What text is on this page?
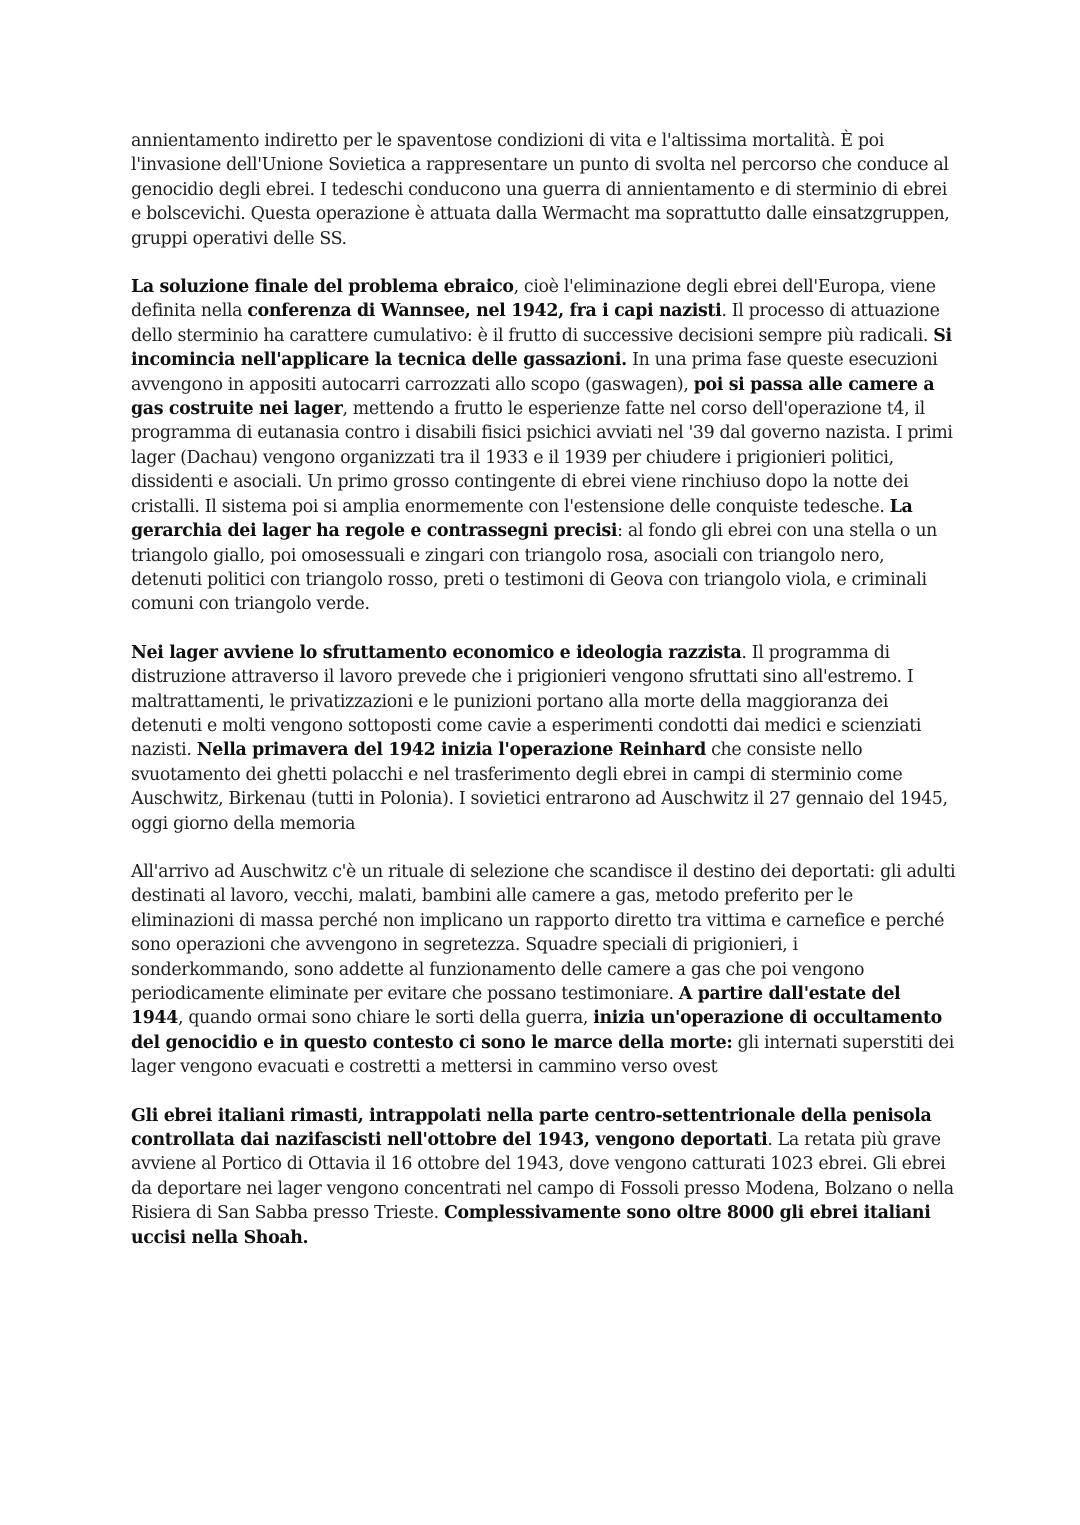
annientamento indiretto per le spaventose condizioni di vita e l'altissima mortalità. È poi l'invasione dell'Unione Sovietica a rappresentare un punto di svolta nel percorso che conduce al genocidio degli ebrei. I tedeschi conducono una guerra di annientamento e di sterminio di ebrei e bolscevichi. Questa operazione è attuata dalla Wermacht ma soprattutto dalle einsatzgruppen, gruppi operativi delle SS.

La soluzione finale del problema ebraico, cioè l'eliminazione degli ebrei dell'Europa, viene definita nella conferenza di Wannsee, nel 1942, fra i capi nazisti. Il processo di attuazione dello sterminio ha carattere cumulativo: è il frutto di successive decisioni sempre più radicali. Si incomincia nell'applicare la tecnica delle gassazioni. In una prima fase queste esecuzioni avvengono in appositi autocarri carrozzati allo scopo (gaswagen), poi si passa alle camere a gas costruite nei lager, mettendo a frutto le esperienze fatte nel corso dell'operazione t4, il programma di eutanasia contro i disabili fisici psichici avviati nel '39 dal governo nazista. I primi lager (Dachau) vengono organizzati tra il 1933 e il 1939 per chiudere i prigionieri politici, dissidenti e asociali. Un primo grosso contingente di ebrei viene rinchiuso dopo la notte dei cristalli. Il sistema poi si amplia enormemente con l'estensione delle conquiste tedesche. La gerarchia dei lager ha regole e contrassegni precisi: al fondo gli ebrei con una stella o un triangolo giallo, poi omosessuali e zingari con triangolo rosa, asociali con triangolo nero, detenuti politici con triangolo rosso, preti o testimoni di Geova con triangolo viola, e criminali comuni con triangolo verde.

Nei lager avviene lo sfruttamento economico e ideologia razzista. Il programma di distruzione attraverso il lavoro prevede che i prigionieri vengono sfruttati sino all'estremo. I maltrattamenti, le privatizzazioni e le punizioni portano alla morte della maggioranza dei detenuti e molti vengono sottoposti come cavie a esperimenti condotti dai medici e scienziati nazisti. Nella primavera del 1942 inizia l'operazione Reinhard che consiste nello svuotamento dei ghetti polacchi e nel trasferimento degli ebrei in campi di sterminio come Auschwitz, Birkenau (tutti in Polonia). I sovietici entrarono ad Auschwitz il 27 gennaio del 1945, oggi giorno della memoria

All'arrivo ad Auschwitz c'è un rituale di selezione che scandisce il destino dei deportati: gli adulti destinati al lavoro, vecchi, malati, bambini alle camere a gas, metodo preferito per le eliminazioni di massa perché non implicano un rapporto diretto tra vittima e carnefice e perché sono operazioni che avvengono in segretezza. Squadre speciali di prigionieri, i sonderkommando, sono addette al funzionamento delle camere a gas che poi vengono periodicamente eliminate per evitare che possano testimoniare. A partire dall'estate del 1944, quando ormai sono chiare le sorti della guerra, inizia un'operazione di occultamento del genocidio e in questo contesto ci sono le marce della morte: gli internati superstiti dei lager vengono evacuati e costretti a mettersi in cammino verso ovest

Gli ebrei italiani rimasti, intrappolati nella parte centro-settentrionale della penisola controllata dai nazifascisti nell'ottobre del 1943, vengono deportati. La retata più grave avviene al Portico di Ottavia il 16 ottobre del 1943, dove vengono catturati 1023 ebrei. Gli ebrei da deportare nei lager vengono concentrati nel campo di Fossoli presso Modena, Bolzano o nella Risiera di San Sabba presso Trieste. Complessivamente sono oltre 8000 gli ebrei italiani uccisi nella Shoah.
